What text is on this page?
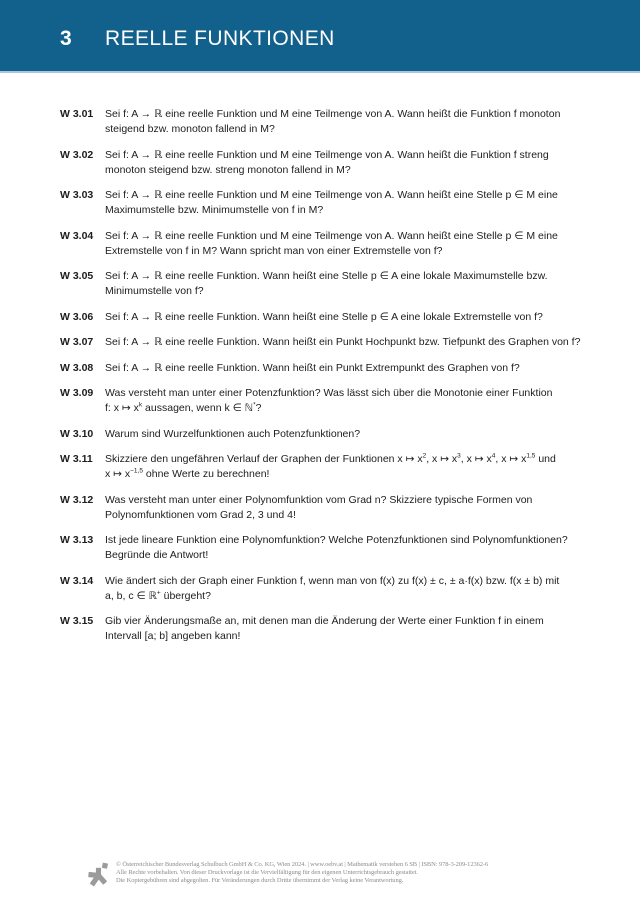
3	REELLE FUNKTIONEN
W 3.01	Sei f: A → ℝ eine reelle Funktion und M eine Teilmenge von A. Wann heißt die Funktion f monoton
steigend bzw. monoton fallend in M?

W 3.02	Sei f: A → ℝ eine reelle Funktion und M eine Teilmenge von A. Wann heißt die Funktion f streng
monoton steigend bzw. streng monoton fallend in M?

W 3.03	Sei f: A → ℝ eine reelle Funktion und M eine Teilmenge von A. Wann heißt eine Stelle p ∈ M eine
Maximumstelle bzw. Minimumstelle von f in M?

W 3.04	Sei f: A → ℝ eine reelle Funktion und M eine Teilmenge von A. Wann heißt eine Stelle p ∈ M eine
Extremstelle von f in M? Wann spricht man von einer Extremstelle von f?

W 3.05	Sei f: A → ℝ eine reelle Funktion. Wann heißt eine Stelle p ∈ A eine lokale Maximumstelle bzw.
Minimumstelle von f?

W 3.06	Sei f: A → ℝ eine reelle Funktion. Wann heißt eine Stelle p ∈ A eine lokale Extremstelle von f?

W 3.07	Sei f: A → ℝ eine reelle Funktion. Wann heißt ein Punkt Hochpunkt bzw. Tiefpunkt des Graphen von f?

W 3.08	Sei f: A → ℝ eine reelle Funktion. Wann heißt ein Punkt Extrempunkt des Graphen von f?

W 3.09	Was versteht man unter einer Potenzfunktion? Was lässt sich über die Monotonie einer Funktion
f: x ↦ $x^k$ aussagen, wenn k ∈ ℕ*?

W 3.10	Warum sind Wurzelfunktionen auch Potenzfunktionen?

W 3.11	Skizziere den ungefähren Verlauf der Graphen der Funktionen x ↦ $x^2$, x ↦ $x^3$, x ↦ $x^4$, x ↦ $x^{1,5}$ und
x ↦ $x^{-1,5}$ ohne Werte zu berechnen!

W 3.12	Was versteht man unter einer Polynomfunktion vom Grad n? Skizziere typische Formen von
Polynomfunktionen vom Grad 2, 3 und 4!

W 3.13	Ist jede lineare Funktion eine Polynomfunktion? Welche Potenzfunktionen sind Polynomfunktionen?
Begründe die Antwort!

W 3.14	Wie ändert sich der Graph einer Funktion f, wenn man von f(x) zu f(x) ± c, ± a·f(x) bzw. f(x ± b) mit
a, b, c ∈ ℝ+ übergeht?

W 3.15	Gib vier Änderungsmaße an, mit denen man die Änderung der Werte einer Funktion f in einem
Intervall [a; b] angeben kann!

© Österreichischer Bundesverlag Schulbuch GmbH & Co. KG, Wien 2024. | www.oebv.at | Mathematik verstehen 6 SB | ISBN: 978-3-209-12362-6

Alle Rechte vorbehalten. Von dieser Druckvorlage ist die Vervielfältigung für den eigenen Unterrichtsgebrauch gestattet.

Die Kopiergebühren sind abgegolten. Für Veränderungen durch Dritte übernimmt der Verlag keine Verantwortung.
